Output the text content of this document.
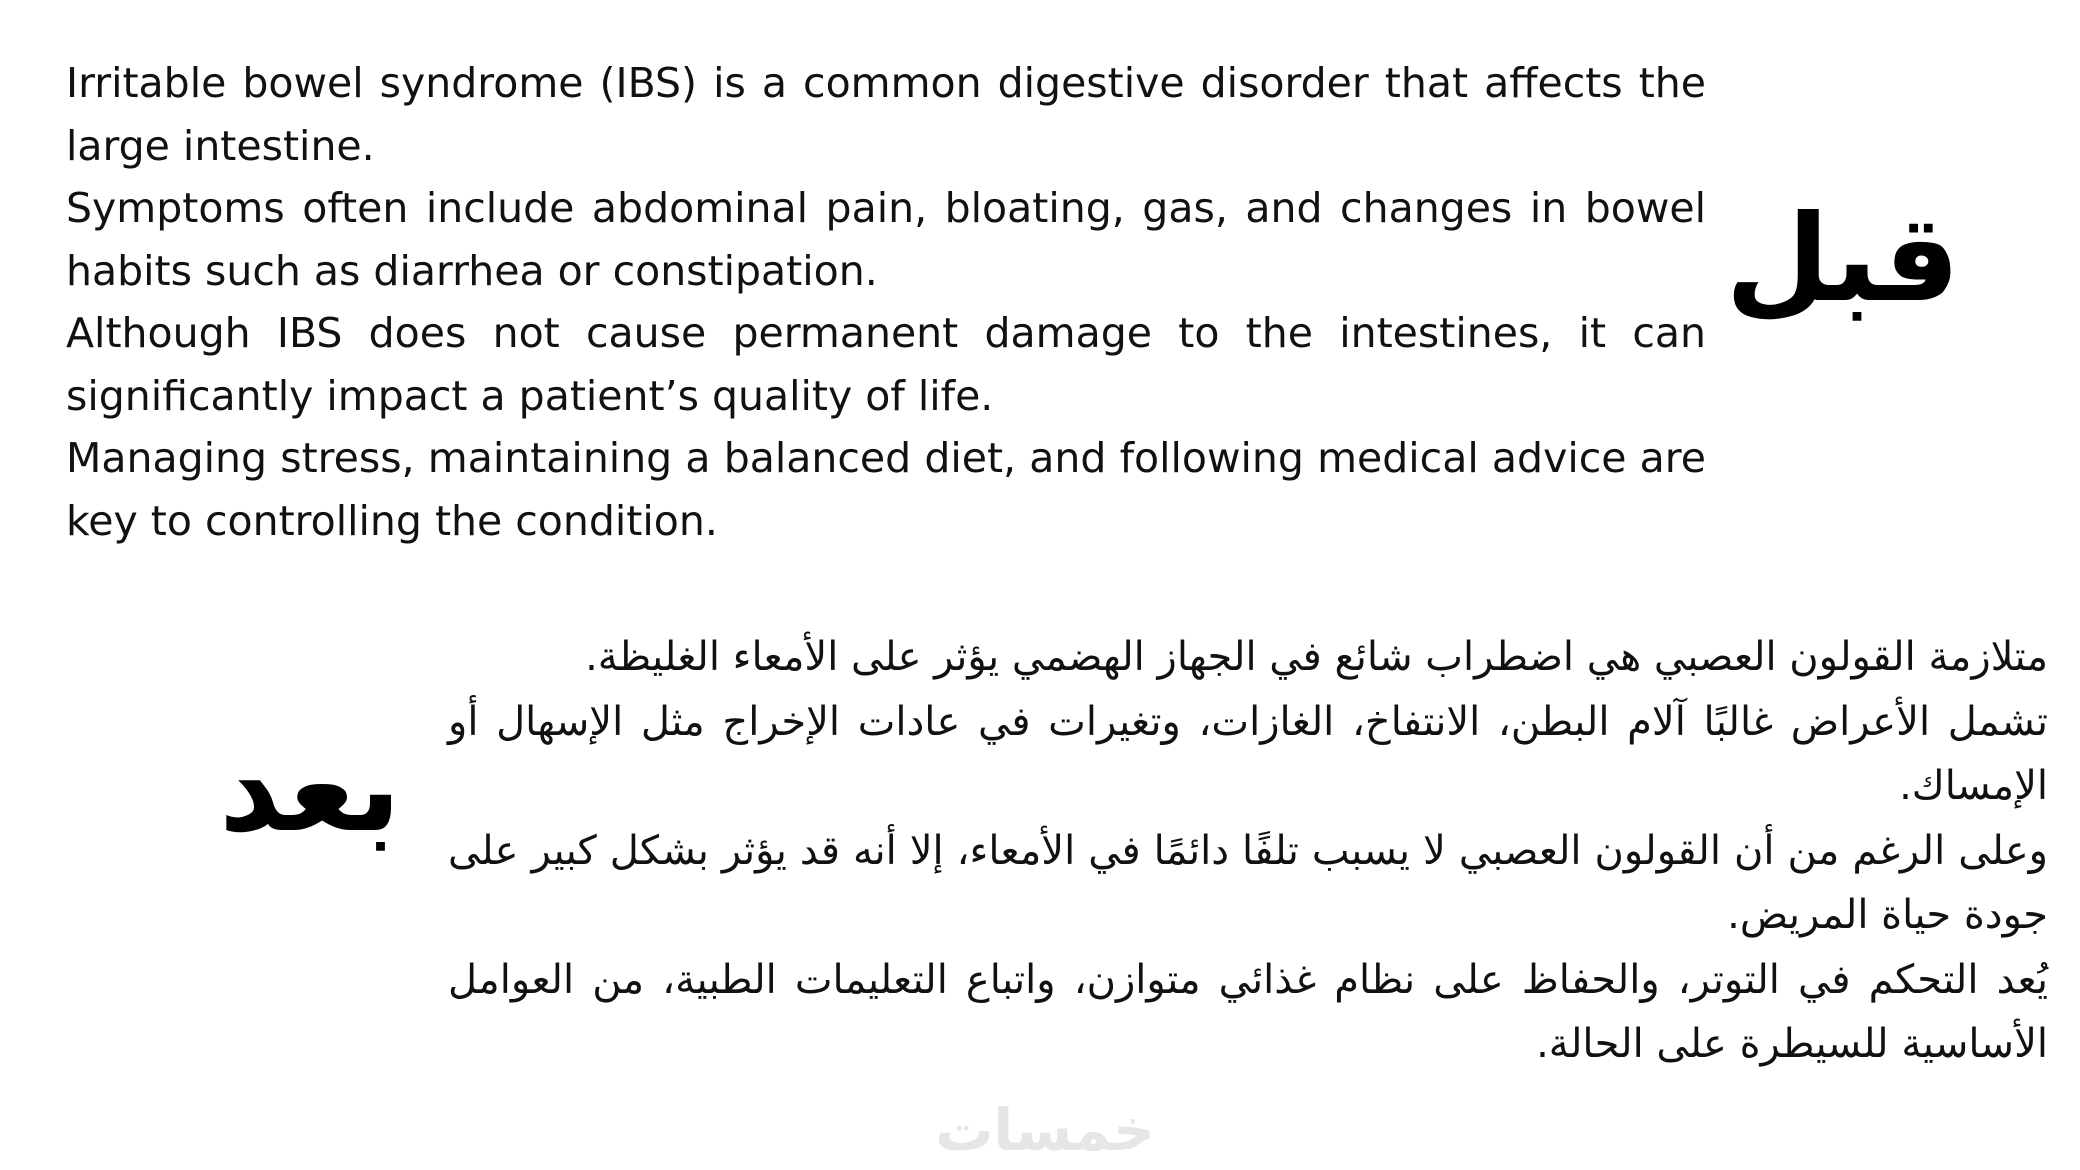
Irritable bowel syndrome (IBS) is a common digestive disorder that affects the large intestine.

Symptoms often include abdominal pain, bloating, gas, and changes in bowel habits such as diarrhea or constipation.

Although IBS does not cause permanent damage to the intestines, it can significantly impact a patient’s quality of life.

Managing stress, maintaining a balanced diet, and following medical advice are key to controlling the condition.

قبل
بعد

متلازمة القولون العصبي هي اضطراب شائع في الجهاز الهضمي يؤثر على الأمعاء الغليظة.

تشمل الأعراض غالبًا آلام البطن، الانتفاخ، الغازات، وتغيرات في عادات الإخراج مثل الإسهال أو الإمساك.

وعلى الرغم من أن القولون العصبي لا يسبب تلفًا دائمًا في الأمعاء، إلا أنه قد يؤثر بشكل كبير على جودة حياة المريض.

يُعد التحكم في التوتر، والحفاظ على نظام غذائي متوازن، واتباع التعليمات الطبية، من العوامل الأساسية للسيطرة على الحالة.

خمسات
